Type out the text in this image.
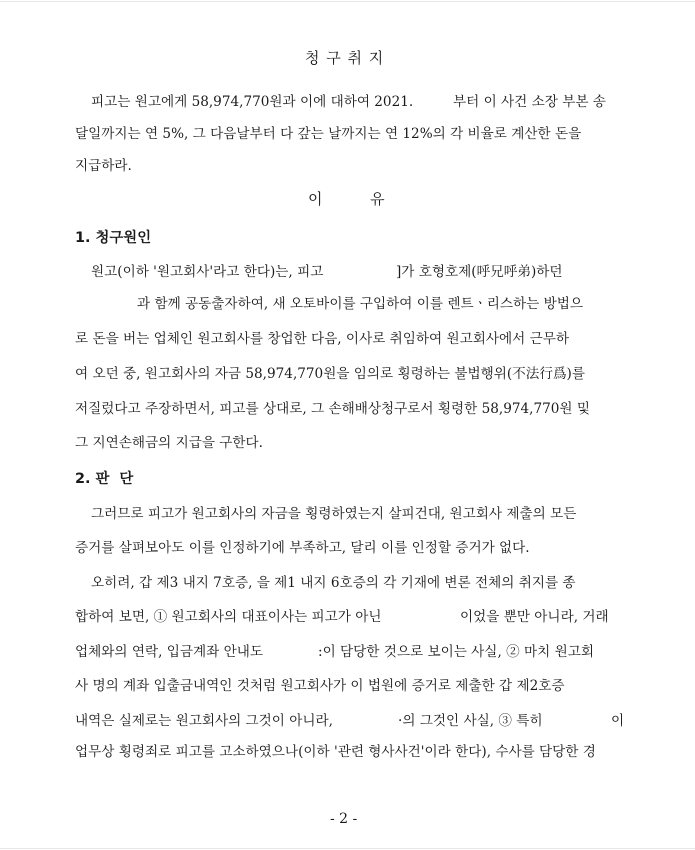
청 구 취 지
피고는 원고에게 58,974,770원과 이에 대하여 2021.	부터 이 사건 소장 부본 송
달일까지는 연 5%, 그 다음날부터 다 갚는 날까지는 연 12%의 각 비율로 계산한 돈을
지급하라.
이          유
1. 청구원인
원고(이하 '원고회사'라고 한다)는, 피고	]가 호형호제(呼兄呼弟)하던
과 함께 공동출자하여, 새 오토바이를 구입하여 이를 렌트ㆍ리스하는 방법으
로 돈을 버는 업체인 원고회사를 창업한 다음, 이사로 취임하여 원고회사에서 근무하
여 오던 중, 원고회사의 자금 58,974,770원을 임의로 횡령하는 불법행위(不法行爲)를
저질렀다고 주장하면서, 피고를 상대로, 그 손해배상청구로서 횡령한 58,974,770원 및
그 지연손해금의 지급을 구한다.
2. 판  단
그러므로 피고가 원고회사의 자금을 횡령하였는지 살피건대, 원고회사 제출의 모든
증거를 살펴보아도 이를 인정하기에 부족하고, 달리 이를 인정할 증거가 없다.
오히려, 갑 제3 내지 7호증, 을 제1 내지 6호증의 각 기재에 변론 전체의 취지를 종
합하여 보면, ① 원고회사의 대표이사는 피고가 아닌	이었을 뿐만 아니라, 거래
업체와의 연락, 입금계좌 안내도	:이 담당한 것으로 보이는 사실, ② 마치 원고회
사 명의 계좌 입출금내역인 것처럼 원고회사가 이 법원에 증거로 제출한 갑 제2호증
내역은 실제로는 원고회사의 그것이 아니라,	·의 그것인 사실, ③ 특히	이
업무상 횡령죄로 피고를 고소하였으나(이하 '관련 형사사건'이라 한다), 수사를 담당한 경
- 2 -
